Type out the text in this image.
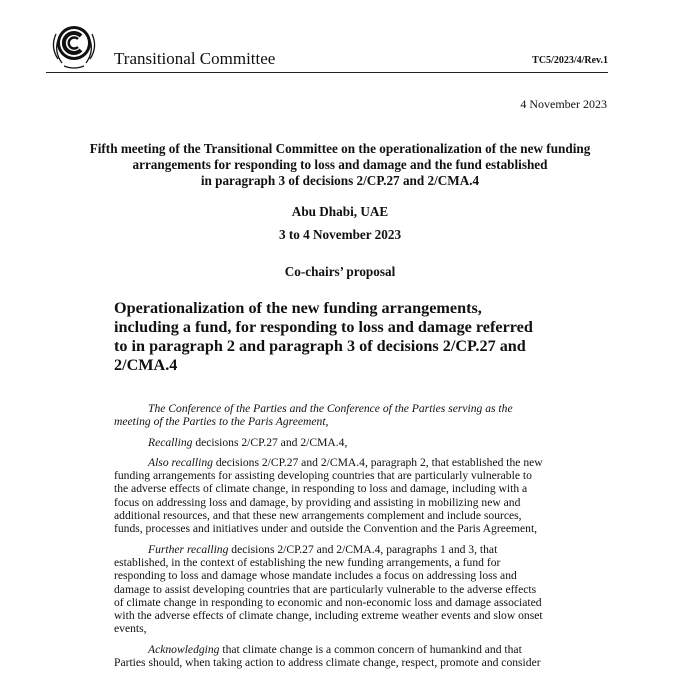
Transitional Committee	TC5/2023/4/Rev.1
4 November 2023
Fifth meeting of the Transitional Committee on the operationalization of the new funding
arrangements for responding to loss and damage and the fund established
in paragraph 3 of decisions 2/CP.27 and 2/CMA.4
Abu Dhabi, UAE
3 to 4 November 2023
Co-chairs’ proposal
Operationalization of the new funding arrangements,
including a fund, for responding to loss and damage referred
to in paragraph 2 and paragraph 3 of decisions 2/CP.27 and
2/CMA.4
The Conference of the Parties and the Conference of the Parties serving as the
meeting of the Parties to the Paris Agreement,
Recalling decisions 2/CP.27 and 2/CMA.4,
Also recalling decisions 2/CP.27 and 2/CMA.4, paragraph 2, that established the new
funding arrangements for assisting developing countries that are particularly vulnerable to
the adverse effects of climate change, in responding to loss and damage, including with a
focus on addressing loss and damage, by providing and assisting in mobilizing new and
additional resources, and that these new arrangements complement and include sources,
funds, processes and initiatives under and outside the Convention and the Paris Agreement,
Further recalling decisions 2/CP.27 and 2/CMA.4, paragraphs 1 and 3, that
established, in the context of establishing the new funding arrangements, a fund for
responding to loss and damage whose mandate includes a focus on addressing loss and
damage to assist developing countries that are particularly vulnerable to the adverse effects
of climate change in responding to economic and non-economic loss and damage associated
with the adverse effects of climate change, including extreme weather events and slow onset
events,
Acknowledging that climate change is a common concern of humankind and that
Parties should, when taking action to address climate change, respect, promote and consider
